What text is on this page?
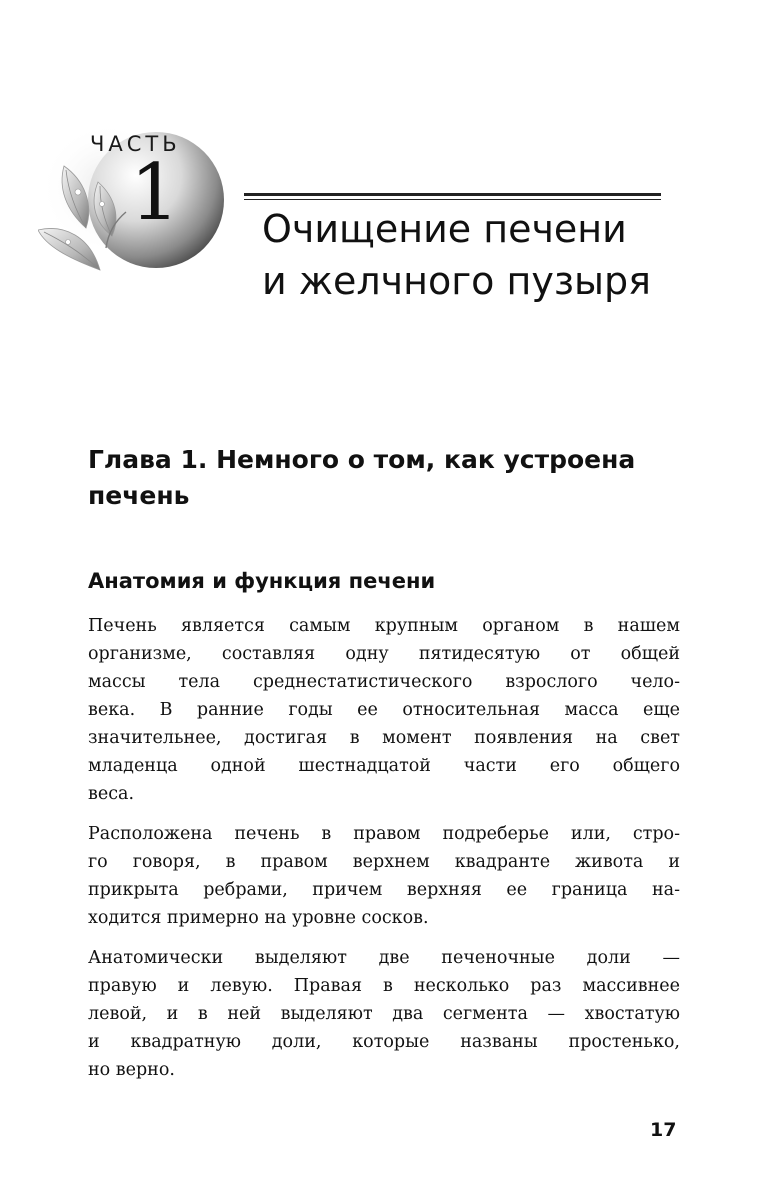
ЧАСТЬ
1 Очищение печени
и желчного пузыря
Глава 1. Немного о том, как устроена
печень
Анатомия и функция печени

Печень является самым крупным органом в нашем
организме, составляя одну пятидесятую от общей
массы тела среднестатистического взрослого чело-
века. В ранние годы ее относительная масса еще
значительнее, достигая в момент появления на свет
младенца одной шестнадцатой части его общего
веса.

Расположена печень в правом подреберье или, стро-
го говоря, в правом верхнем квадранте живота и
прикрыта ребрами, причем верхняя ее граница на-
ходится примерно на уровне сосков.

Анатомически выделяют две печеночные доли —
правую и левую. Правая в несколько раз массивнее
левой, и в ней выделяют два сегмента — хвостатую
и квадратную доли, которые названы простенько,
но верно.

17
